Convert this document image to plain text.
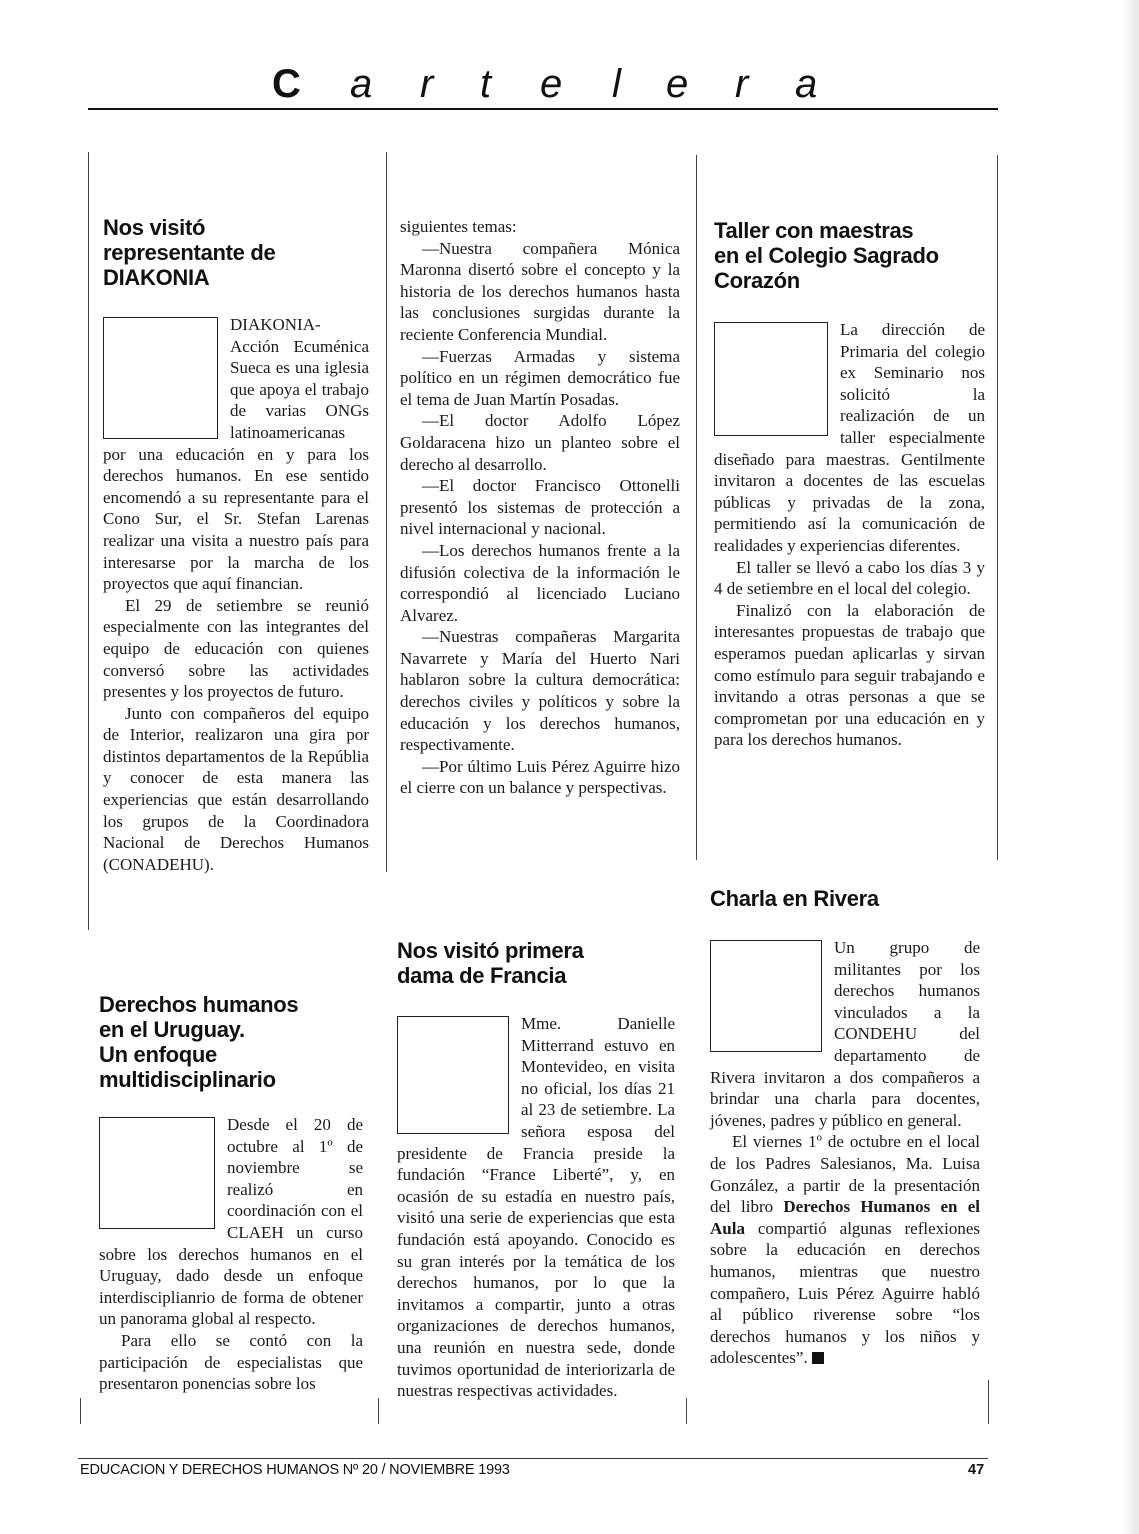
C a r t e l e r a
Nos visitó
representante de
DIAKONIA

DIAKONIA- Acción Ecuménica Sueca es una iglesia que apoya el trabajo de varias ONGs latinoamericanas por una educación en y para los derechos humanos. En ese sentido encomendó a su representante para el Cono Sur, el Sr. Stefan Larenas realizar una visita a nuestro país para interesarse por la marcha de los proyectos que aquí financian.

El 29 de setiembre se reunió especialmente con las integrantes del equipo de educación con quienes conversó sobre las actividades presentes y los proyectos de futuro.

Junto con compañeros del equipo de Interior, realizaron una gira por distintos departamentos de la Repúblia y conocer de esta manera las experiencias que están desarrollando los grupos de la Coordinadora Nacional de Derechos Humanos (CONADEHU).

Derechos humanos
en el Uruguay.
Un enfoque
multidisciplinario

Desde el 20 de octubre al 1º de noviembre se realizó en coordinación con el CLAEH un curso sobre los derechos humanos en el Uruguay, dado desde un enfoque interdisciplianrio de forma de obtener un panorama global al respecto.

Para ello se contó con la participación de especialistas que presentaron ponencias sobre los

siguientes temas:

—Nuestra compañera Mónica Maronna disertó sobre el concepto y la historia de los derechos humanos hasta las conclusiones surgidas durante la reciente Conferencia Mundial.

—Fuerzas Armadas y sistema político en un régimen democrático fue el tema de Juan Martín Posadas.

—El doctor Adolfo López Goldaracena hizo un planteo sobre el derecho al desarrollo.

—El doctor Francisco Ottonelli presentó los sistemas de protección a nivel internacional y nacional.

—Los derechos humanos frente a la difusión colectiva de la información le correspondió al licenciado Luciano Alvarez.

—Nuestras compañeras Margarita Navarrete y María del Huerto Nari hablaron sobre la cultura democrática: derechos civiles y políticos y sobre la educación y los derechos humanos, respectivamente.

—Por último Luis Pérez Aguirre hizo el cierre con un balance y perspectivas.

Nos visitó primera
dama de Francia

Mme. Danielle Mitterrand estuvo en Montevideo, en visita no oficial, los días 21 al 23 de setiembre. La señora esposa del presidente de Francia preside la fundación “France Liberté”, y, en ocasión de su estadía en nuestro país, visitó una serie de experiencias que esta fundación está apoyando. Conocido es su gran interés por la temática de los derechos humanos, por lo que la invitamos a compartir, junto a otras organizaciones de derechos humanos, una reunión en nuestra sede, donde tuvimos oportunidad de interiorizarla de nuestras respectivas actividades.

Taller con maestras
en el Colegio Sagrado
Corazón

La dirección de Primaria del colegio ex Seminario nos solicitó la realización de un taller especialmente diseñado para maestras. Gentilmente invitaron a docentes de las escuelas públicas y privadas de la zona, permitiendo así la comunicación de realidades y experiencias diferentes.

El taller se llevó a cabo los días 3 y 4 de setiembre en el local del colegio.

Finalizó con la elaboración de interesantes propuestas de trabajo que esperamos puedan aplicarlas y sirvan como estímulo para seguir trabajando e invitando a otras personas a que se comprometan por una educación en y para los derechos humanos.

Charla en Rivera

Un grupo de militantes por los derechos humanos vinculados a la CONDEHU del departamento de Rivera invitaron a dos compañeros a brindar una charla para docentes, jóvenes, padres y público en general.

El viernes 1º de octubre en el local de los Padres Salesianos, Ma. Luisa González, a partir de la presentación del libro Derechos Humanos en el Aula compartió algunas reflexiones sobre la educación en derechos humanos, mientras que nuestro compañero, Luis Pérez Aguirre habló al público riverense sobre “los derechos humanos y los niños y adolescentes”.

EDUCACION Y DERECHOS HUMANOS Nº 20 / NOVIEMBRE 1993	47
